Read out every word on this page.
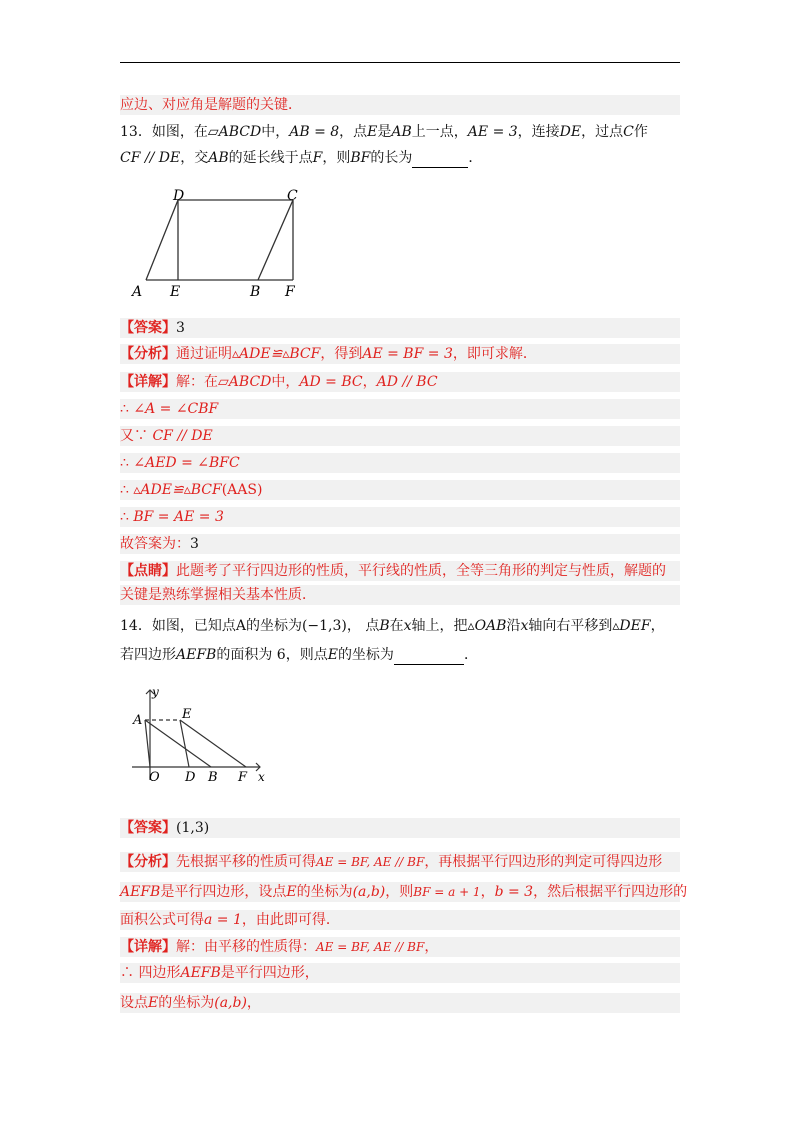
应边、对应角是解题的关键．
13．如图，在▱ABCD中，AB = 8，点E是AB上一点，AE = 3，连接DE，过点C作
CF // DE，交AB的延长线于点F，则BF的长为	．
D	C
A E	B F
【答案】3
【分析】通过证明▵ADE≌▵BCF，得到AE = BF = 3，即可求解．
【详解】解：在▱ABCD中，AD = BC，AD // BC
∴ ∠A = ∠CBF
又∵ CF // DE
∴ ∠AED = ∠BFC
∴ ▵ADE≌▵BCF(AAS)
∴ BF = AE = 3
故答案为：3
【点睛】此题考了平行四边形的性质，平行线的性质，全等三角形的判定与性质，解题的
关键是熟练掌握相关基本性质．
14．如图，已知点A的坐标为(−1,3)， 点B在x轴上，把▵OAB沿x轴向右平移到▵DEF，
若四边形AEFB的面积为 6，则点E的坐标为	．
y
A	E
O D B F x
【答案】(1,3)
【分析】先根据平移的性质可得AE = BF, AE // BF，再根据平行四边形的判定可得四边形
AEFB是平行四边形，设点E的坐标为(a,b)，则BF = a + 1，b = 3，然后根据平行四边形的
面积公式可得a = 1，由此即可得．
【详解】解：由平移的性质得：AE = BF, AE // BF，
∴ 四边形AEFB是平行四边形，
设点E的坐标为(a,b)，
